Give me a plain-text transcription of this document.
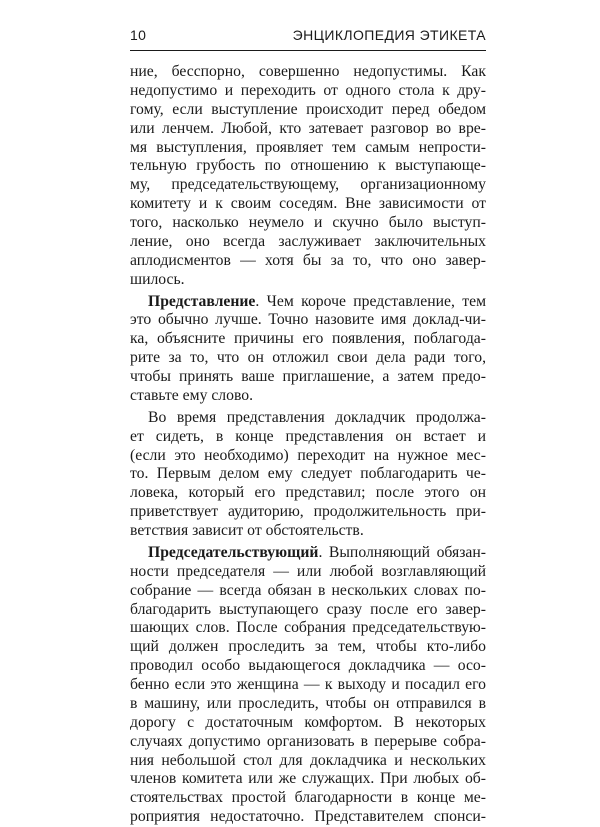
10	ЭНЦИКЛОПЕДИЯ ЭТИКЕТА
ние, бесспорно, совершенно недопустимы. Как
недопустимо и переходить от одного стола к дру-
гому, если выступление происходит перед обедом
или ленчем. Любой, кто затевает разговор во вре-
мя выступления, проявляет тем самым непрости-
тельную грубость по отношению к выступающе-
му, председательствующему, организационному
комитету и к своим соседям. Вне зависимости от
того, насколько неумело и скучно было выступ-
ление, оно всегда заслуживает заключительных
аплодисментов — хотя бы за то, что оно завер-
шилось.
Представление. Чем короче представление, тем
это обычно лучше. Точно назовите имя доклад-чи-
ка, объясните причины его появления, поблагода-
рите за то, что он отложил свои дела ради того,
чтобы принять ваше приглашение, а затем предо-
ставьте ему слово.
Во время представления докладчик продолжа-
ет сидеть, в конце представления он встает и
(если это необходимо) переходит на нужное мес-
то. Первым делом ему следует поблагодарить че-
ловека, который его представил; после этого он
приветствует аудиторию, продолжительность при-
ветствия зависит от обстоятельств.
Председательствующий. Выполняющий обязан-
ности председателя — или любой возглавляющий
собрание — всегда обязан в нескольких словах по-
благодарить выступающего сразу после его завер-
шающих слов. После собрания председательствую-
щий должен проследить за тем, чтобы кто-либо
проводил особо выдающегося докладчика — осо-
бенно если это женщина — к выходу и посадил его
в машину, или проследить, чтобы он отправился в
дорогу с достаточным комфортом. В некоторых
случаях допустимо организовать в перерыве собра-
ния небольшой стол для докладчика и нескольких
членов комитета или же служащих. При любых об-
стоятельствах простой благодарности в конце ме-
роприятия недостаточно. Представителем спонси-
